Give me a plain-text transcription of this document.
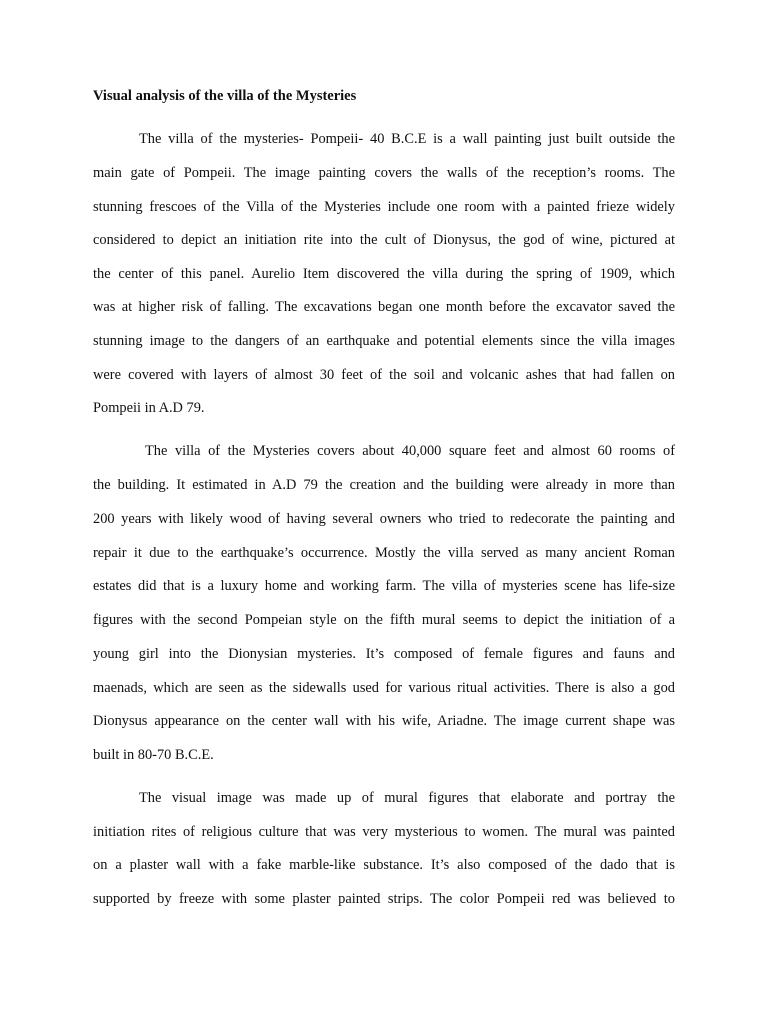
Visual analysis of the villa of the Mysteries
The villa of the mysteries- Pompeii- 40 B.C.E is a wall painting just built outside the
main gate of Pompeii. The image painting covers the walls of the reception’s rooms. The
stunning frescoes of the Villa of the Mysteries include one room with a painted frieze widely
considered to depict an initiation rite into the cult of Dionysus, the god of wine, pictured at
the center of this panel. Aurelio Item discovered the villa during the spring of 1909, which
was at higher risk of falling. The excavations began one month before the excavator saved the
stunning image to the dangers of an earthquake and potential elements since the villa images
were covered with layers of almost 30 feet of the soil and volcanic ashes that had fallen on
Pompeii in A.D 79.
The villa of the Mysteries covers about 40,000 square feet and almost 60 rooms of
the building. It estimated in A.D 79 the creation and the building were already in more than
200 years with likely wood of having several owners who tried to redecorate the painting and
repair it due to the earthquake’s occurrence. Mostly the villa served as many ancient Roman
estates did that is a luxury home and working farm. The villa of mysteries scene has life-size
figures with the second Pompeian style on the fifth mural seems to depict the initiation of a
young girl into the Dionysian mysteries. It’s composed of female figures and fauns and
maenads, which are seen as the sidewalls used for various ritual activities. There is also a god
Dionysus appearance on the center wall with his wife, Ariadne. The image current shape was
built in 80-70 B.C.E.
The visual image was made up of mural figures that elaborate and portray the
initiation rites of religious culture that was very mysterious to women. The mural was painted
on a plaster wall with a fake marble-like substance. It’s also composed of the dado that is
supported by freeze with some plaster painted strips. The color Pompeii red was believed to
